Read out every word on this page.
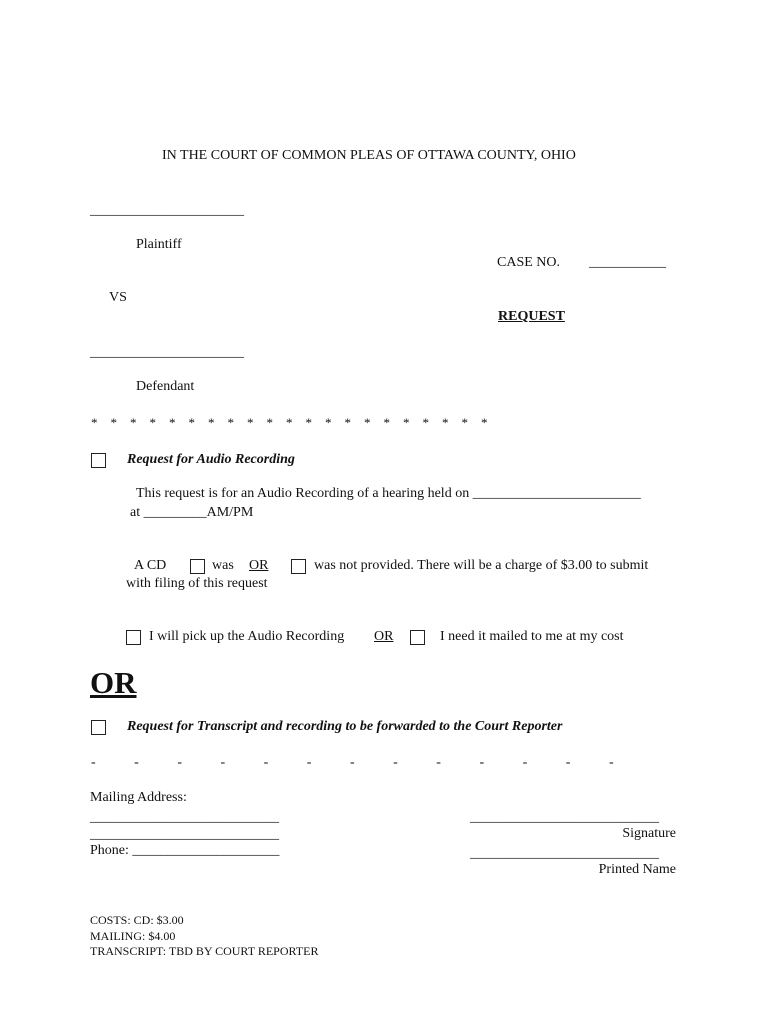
IN THE COURT OF COMMON PLEAS OF OTTAWA COUNTY, OHIO
______________________
Plaintiff
CASE NO. ___________
VS
REQUEST
______________________
Defendant
*    *    *    *    *    *    *    *    *    *    *    *    *    *    *    *    *    *    *    *    *
Request for Audio Recording
This request is for an Audio Recording of a hearing held on ________________________
at _________AM/PM
A CD	was OR	was not provided. There will be a charge of $3.00 to submit
with filing of this request
I will pick up the Audio Recording OR	I need it mailed to me at my cost
OR
Request for Transcript and recording to be forwarded to the Court Reporter
-           -           -           -           -           -           -           -           -           -           -           -           -
Mailing Address:
___________________________
___________________________
Phone: _____________________
___________________________
Signature
___________________________
Printed Name
COSTS: CD: $3.00
MAILING: $4.00
TRANSCRIPT: TBD BY COURT REPORTER
